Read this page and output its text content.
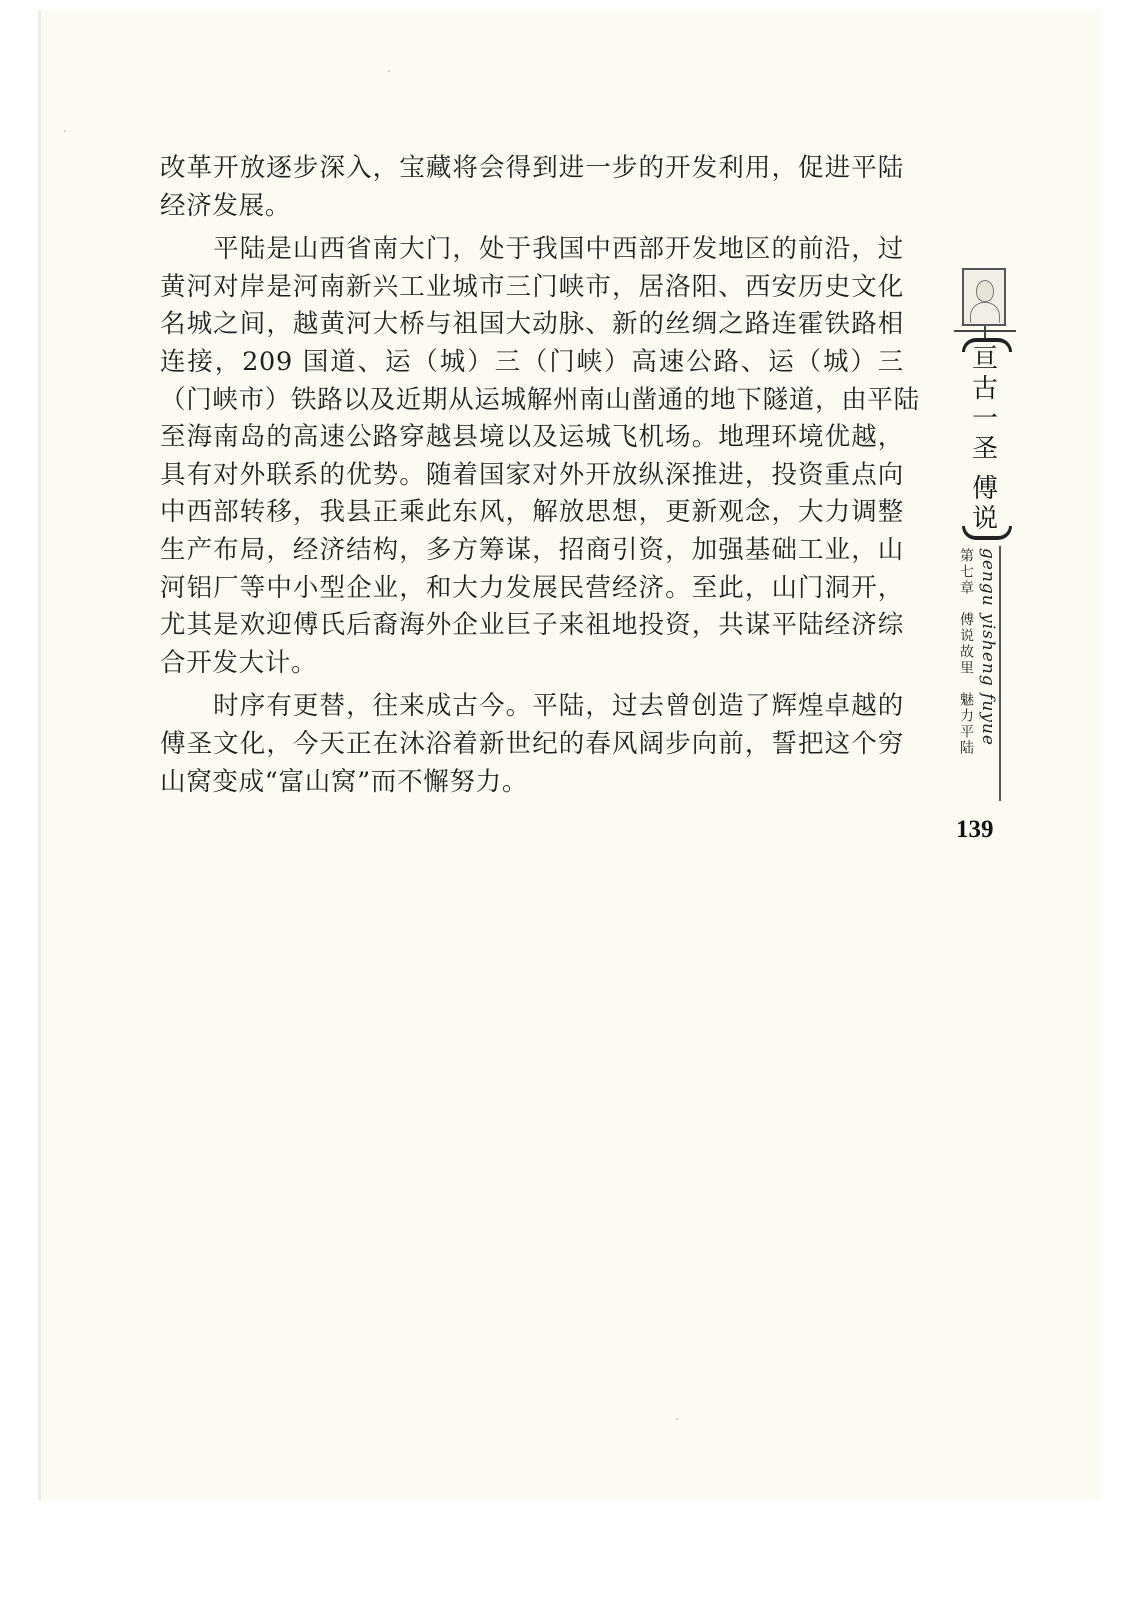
改革开放逐步深入，宝藏将会得到进一步的开发利用，促进平陆
经济发展。
　　平陆是山西省南大门，处于我国中西部开发地区的前沿，过
黄河对岸是河南新兴工业城市三门峡市，居洛阳、西安历史文化
名城之间，越黄河大桥与祖国大动脉、新的丝绸之路连霍铁路相
连接，209 国道、运（城）三（门峡）高速公路、运（城）三
（门峡市）铁路以及近期从运城解州南山凿通的地下隧道，由平陆
至海南岛的高速公路穿越县境以及运城飞机场。地理环境优越，
具有对外联系的优势。随着国家对外开放纵深推进，投资重点向
中西部转移，我县正乘此东风，解放思想，更新观念，大力调整
生产布局，经济结构，多方筹谋，招商引资，加强基础工业，山
河铝厂等中小型企业，和大力发展民营经济。至此，山门洞开，
尤其是欢迎傅氏后裔海外企业巨子来祖地投资，共谋平陆经济综
合开发大计。
　　时序有更替，往来成古今。平陆，过去曾创造了辉煌卓越的
傅圣文化，今天正在沐浴着新世纪的春风阔步向前，誓把这个穷
山窝变成“富山窝”而不懈努力。
亘
古
一
圣
傅
说
第七章　傅说故里　魅力平陆 gengu yisheng fuyue
139
